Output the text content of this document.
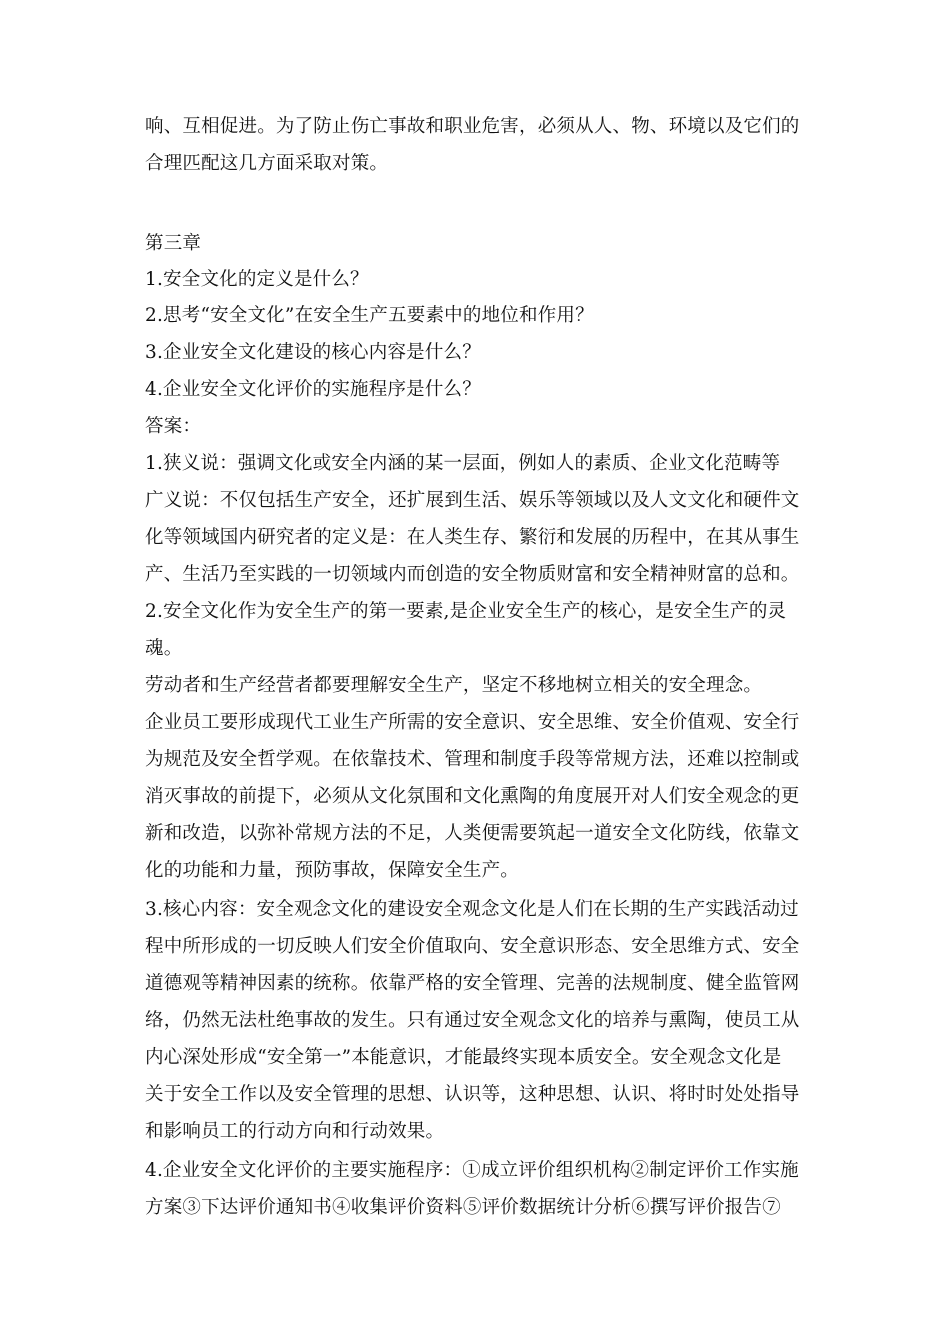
响、互相促进。为了防止伤亡事故和职业危害，必须从人、物、环境以及它们的
合理匹配这几方面采取对策。
第三章
1.安全文化的定义是什么？
2.思考“安全文化”在安全生产五要素中的地位和作用？
3.企业安全文化建设的核心内容是什么？
4.企业安全文化评价的实施程序是什么？
答案：
1.狭义说：强调文化或安全内涵的某一层面，例如人的素质、企业文化范畴等
广义说：不仅包括生产安全，还扩展到生活、娱乐等领域以及人文文化和硬件文
化等领域国内研究者的定义是：在人类生存、繁衍和发展的历程中，在其从事生
产、生活乃至实践的一切领域内而创造的安全物质财富和安全精神财富的总和。
2.安全文化作为安全生产的第一要素,是企业安全生产的核心，是安全生产的灵
魂。
劳动者和生产经营者都要理解安全生产，坚定不移地树立相关的安全理念。
企业员工要形成现代工业生产所需的安全意识、安全思维、安全价值观、安全行
为规范及安全哲学观。在依靠技术、管理和制度手段等常规方法，还难以控制或
消灭事故的前提下，必须从文化氛围和文化熏陶的角度展开对人们安全观念的更
新和改造，以弥补常规方法的不足，人类便需要筑起一道安全文化防线，依靠文
化的功能和力量，预防事故，保障安全生产。
3.核心内容：安全观念文化的建设安全观念文化是人们在长期的生产实践活动过
程中所形成的一切反映人们安全价值取向、安全意识形态、安全思维方式、安全
道德观等精神因素的统称。依靠严格的安全管理、完善的法规制度、健全监管网
络，仍然无法杜绝事故的发生。只有通过安全观念文化的培养与熏陶，使员工从
内心深处形成“安全第一”本能意识，才能最终实现本质安全。安全观念文化是
关于安全工作以及安全管理的思想、认识等，这种思想、认识、将时时处处指导
和影响员工的行动方向和行动效果。
4.企业安全文化评价的主要实施程序：①成立评价组织机构②制定评价工作实施
方案③下达评价通知书④收集评价资料⑤评价数据统计分析⑥撰写评价报告⑦
